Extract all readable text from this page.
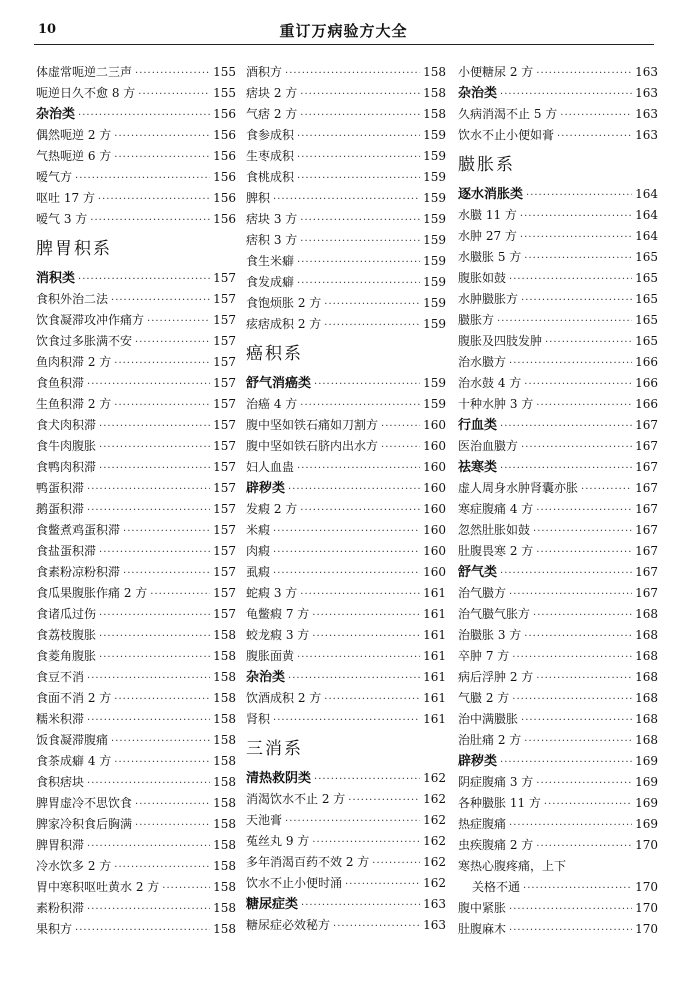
10	重订万病验方大全
体虚常呃逆二三声 ·····	155
呃逆日久不愈 8 方 ·····	155
杂治类 ·····	156
偶然呃逆 2 方 ·····	156
气热呃逆 6 方 ·····	156
嗳气方 ·····	156
呕吐 17 方 ·····	156
嗳气 3 方 ·····	156
脾胃积系
消积类 ·····	157
食积外治二法 ·····	157
饮食凝滞攻冲作痛方 ·····	157
饮食过多胀满不安 ·····	157
鱼肉积滞 2 方 ·····	157
食鱼积滞 ·····	157
生鱼积滞 2 方 ·····	157
食犬肉积滞 ·····	157
食牛肉腹胀 ·····	157
食鸭肉积滞 ·····	157
鸭蛋积滞 ·····	157
鹅蛋积滞 ·····	157
食鳖煮鸡蛋积滞 ·····	157
食盐蛋积滞 ·····	157
食素粉凉粉积滞 ·····	157
食瓜果腹胀作痛 2 方 ·····	157
食诸瓜过伤 ·····	157
食荔枝腹胀 ·····	158
食菱角腹胀 ·····	158
食豆不消 ·····	158
食面不消 2 方 ·····	158
糯米积滞 ·····	158
饭食凝滞腹痛 ·····	158
食茶成癖 4 方 ·····	158
食积痞块 ·····	158
脾胃虚冷不思饮食 ·····	158
脾家冷积食后胸满 ·····	158
脾胃积滞 ·····	158
冷水饮多 2 方 ·····	158
胃中寒积呕吐黄水 2 方 ·····	158
素粉积滞 ·····	158
果积方 ·····	158
酒积方 ·····	158
痞块 2 方 ·····	158
气痞 2 方 ·····	158
食参成积 ·····	159
生枣成积 ·····	159
食桃成积 ·····	159
脾积 ·····	159
痞块 3 方 ·····	159
痞积 3 方 ·····	159
食生米癖 ·····	159
食发成癖 ·····	159
食饱烦胀 2 方 ·····	159
痃痞成积 2 方 ·····	159
癌积系
舒气消癌类 ·····	159
治癌 4 方 ·····	159
腹中坚如铁石痛如刀割方 ·····	160
腹中坚如铁石脐内出水方 ·····	160
妇人血蛊 ·····	160
辟秽类 ·····	160
发瘕 2 方 ·····	160
米瘕 ·····	160
肉瘕 ·····	160
虱瘕 ·····	160
蛇瘕 3 方 ·····	161
龟鳖瘕 7 方 ·····	161
蛟龙瘕 3 方 ·····	161
腹胀面黄 ·····	161
杂治类 ·····	161
饮酒成积 2 方 ·····	161
肾积 ·····	161
三消系
清热救阴类 ·····	162
消渴饮水不止 2 方 ·····	162
天池膏 ·····	162
菟丝丸 9 方 ·····	162
多年消渴百药不效 2 方 ·····	162
饮水不止小便时涌 ·····	162
糖尿症类 ·····	163
糖尿症必效秘方 ·····	163
小便糖尿 2 方 ·····	163
杂治类 ·····	163
久病消渴不止 5 方 ·····	163
饮水不止小便如膏 ·····	163
臌胀系
逐水消胀类 ·····	164
水臌 11 方 ·····	164
水肿 27 方 ·····	164
水臌胀 5 方 ·····	165
腹胀如鼓 ·····	165
水肿臌胀方 ·····	165
臌胀方 ·····	165
腹胀及四肢发肿 ·····	165
治水臌方 ·····	166
治水鼓 4 方 ·····	166
十种水肿 3 方 ·····	166
行血类 ·····	167
医治血臌方 ·····	167
祛寒类 ·····	167
虚人周身水肿肾囊亦胀 ·····	167
寒症腹痛 4 方 ·····	167
忽然肚胀如鼓 ·····	167
肚腹畏寒 2 方 ·····	167
舒气类 ·····	167
治气臌方 ·····	167
治气臌气胀方 ·····	168
治臌胀 3 方 ·····	168
卒肿 7 方 ·····	168
病后浮肿 2 方 ·····	168
气臌 2 方 ·····	168
治中满臌胀 ·····	168
治肚痛 2 方 ·····	168
辟秽类 ·····	169
阴症腹痛 3 方 ·····	169
各种臌胀 11 方 ·····	169
热症腹痛 ·····	169
虫疾腹痛 2 方 ·····	170
寒热心腹疼痛，上下
关格不通 ·····	170
腹中紧胀 ·····	170
肚腹麻木 ·····	170
